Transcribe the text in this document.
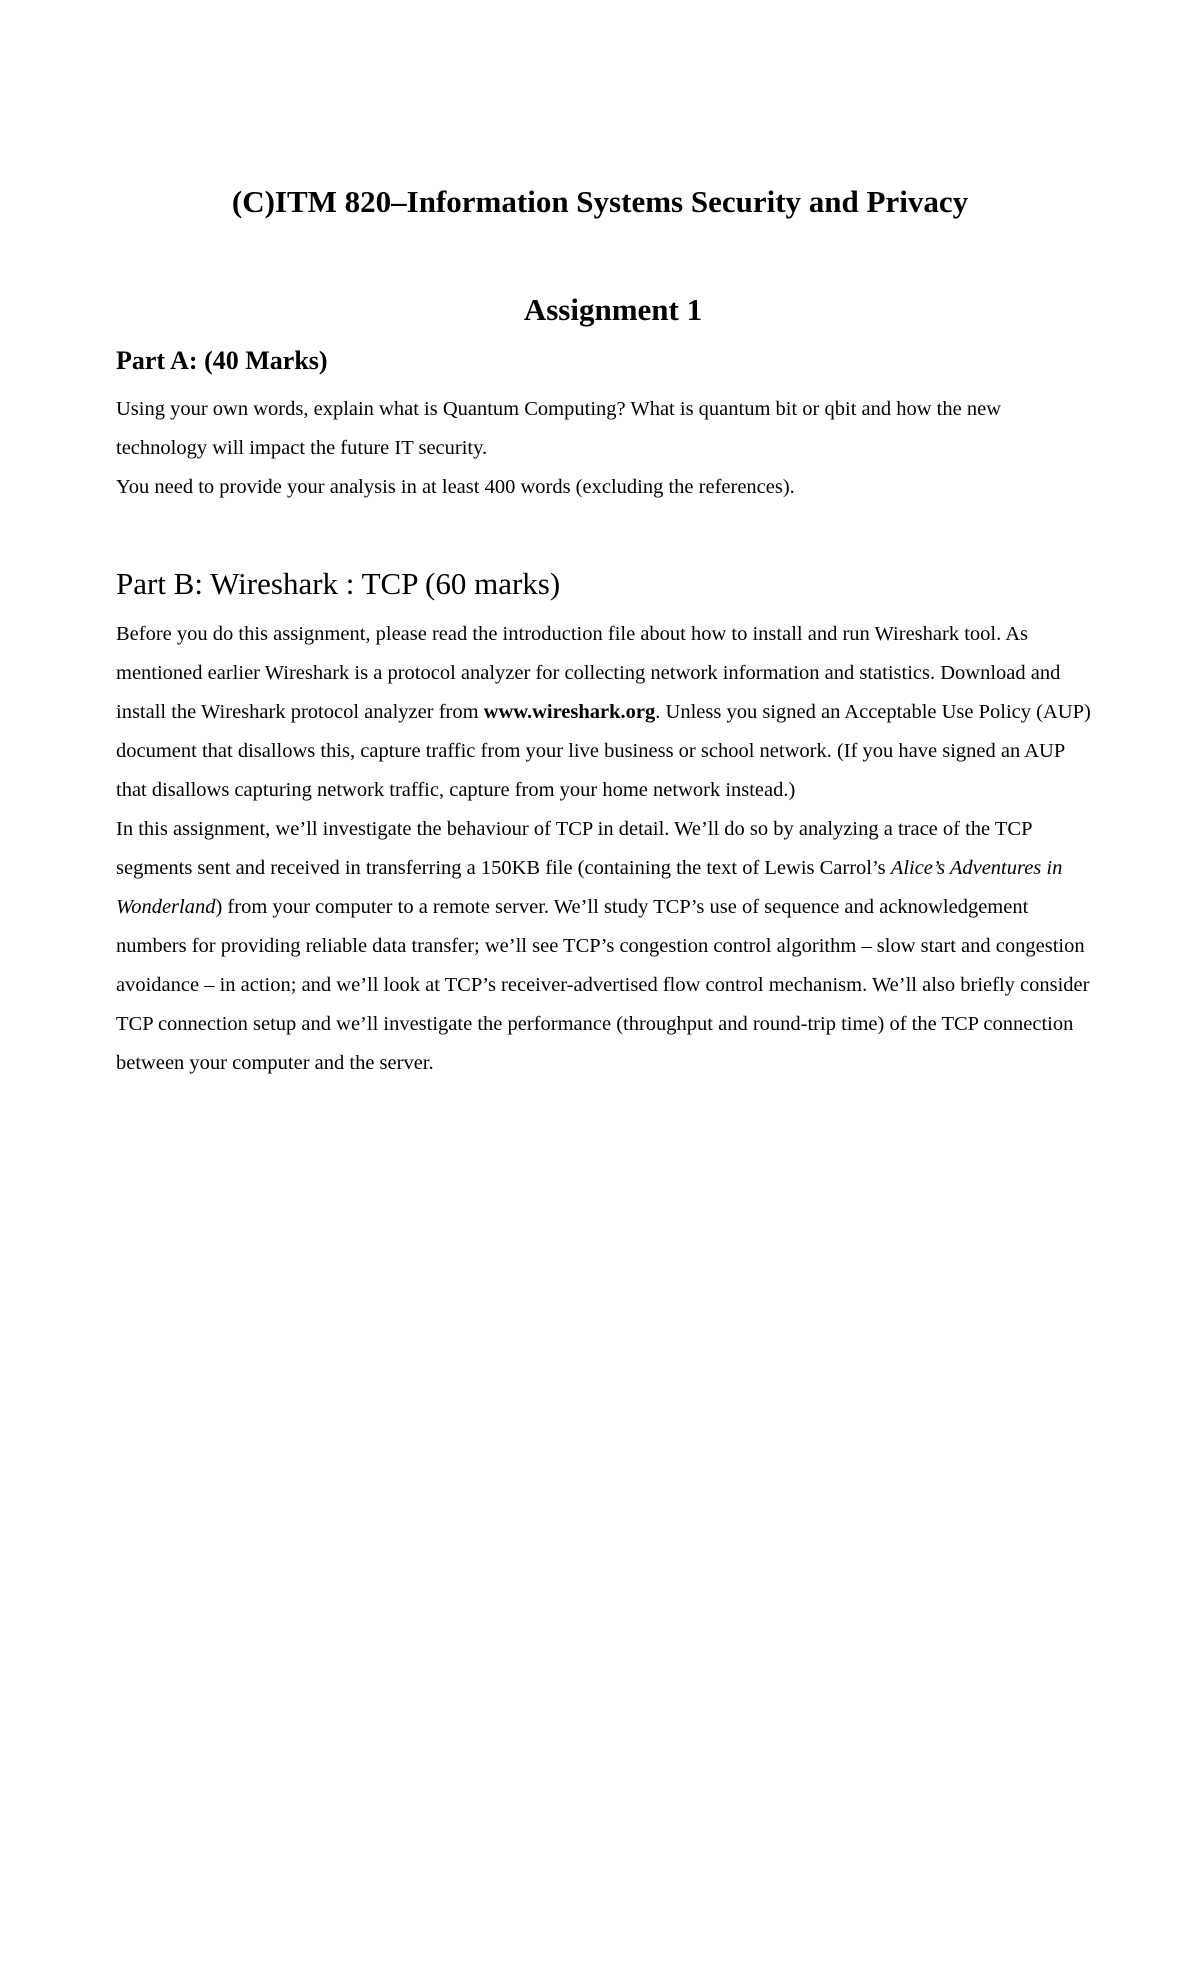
(C)ITM 820–Information Systems Security and Privacy
Assignment 1
Part A: (40 Marks)

Using your own words, explain what is Quantum Computing? What is quantum bit or qbit and how the new technology will impact the future IT security.

You need to provide your analysis in at least 400 words (excluding the references).

Part B: Wireshark : TCP (60 marks)

Before you do this assignment, please read the introduction file about how to install and run Wireshark tool. As mentioned earlier Wireshark is a protocol analyzer for collecting network information and statistics. Download and install the Wireshark protocol analyzer from www.wireshark.org. Unless you signed an Acceptable Use Policy (AUP) document that disallows this, capture traffic from your live business or school network. (If you have signed an AUP that disallows capturing network traffic, capture from your home network instead.)

In this assignment, we’ll investigate the behaviour of TCP in detail. We’ll do so by analyzing a trace of the TCP segments sent and received in transferring a 150KB file (containing the text of Lewis Carrol’s Alice’s Adventures in Wonderland) from your computer to a remote server. We’ll study TCP’s use of sequence and acknowledgement numbers for providing reliable data transfer; we’ll see TCP’s congestion control algorithm – slow start and congestion avoidance – in action; and we’ll look at TCP’s receiver-advertised flow control mechanism. We’ll also briefly consider TCP connection setup and we’ll investigate the performance (throughput and round-trip time) of the TCP connection between your computer and the server.
